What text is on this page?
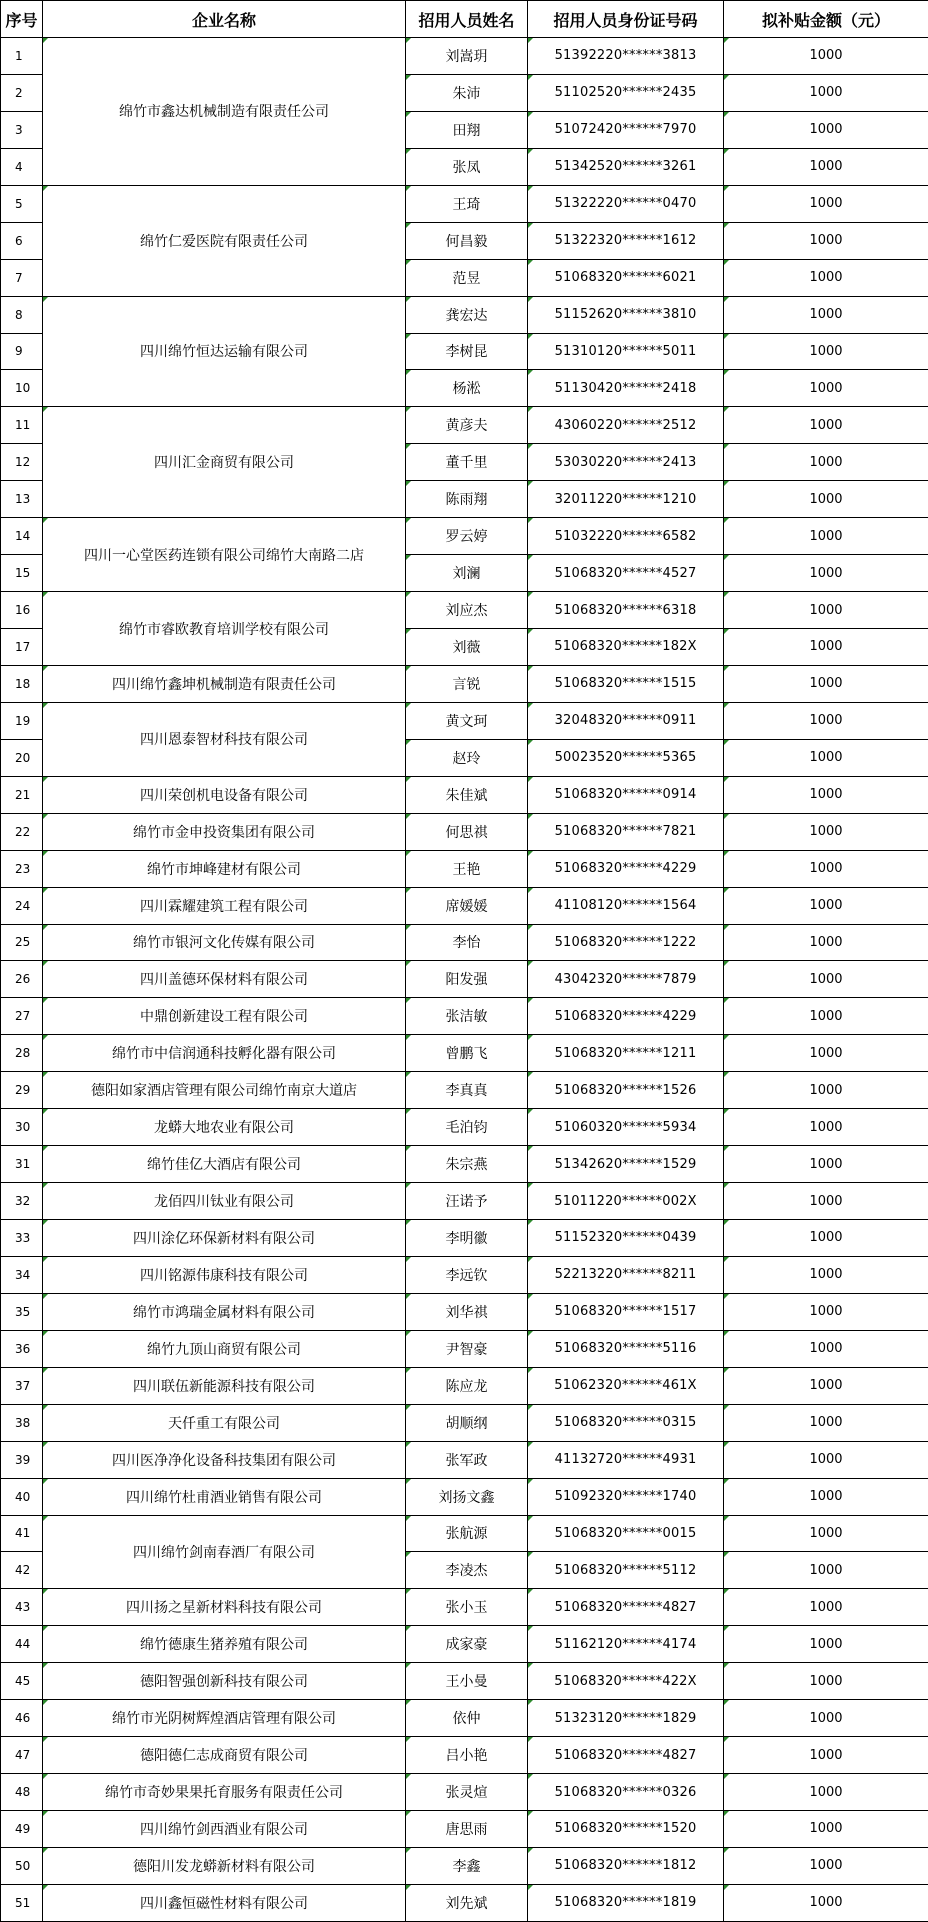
序号	企业名称	招用人员姓名	招用人员身份证号码	拟补贴金额（元）
1	绵竹市鑫达机械制造有限责任公司	刘嵩玥	51392220******3813	1000
2		朱沛	51102520******2435	1000
3		田翔	51072420******7970	1000
4		张凤	51342520******3261	1000
5	绵竹仁爱医院有限责任公司	王琦	51322220******0470	1000
6		何昌毅	51322320******1612	1000
7		范昱	51068320******6021	1000
8	四川绵竹恒达运输有限公司	龚宏达	51152620******3810	1000
9		李树昆	51310120******5011	1000
10		杨淞	51130420******2418	1000
11	四川汇金商贸有限公司	黄彦夫	43060220******2512	1000
12		董千里	53030220******2413	1000
13		陈雨翔	32011220******1210	1000
14	四川一心堂医药连锁有限公司绵竹大南路二店	罗云婷	51032220******6582	1000
15		刘澜	51068320******4527	1000
16	绵竹市睿欧教育培训学校有限公司	刘应杰	51068320******6318	1000
17		刘薇	51068320******182X	1000
18	四川绵竹鑫坤机械制造有限责任公司	言锐	51068320******1515	1000
19	四川恩泰智材科技有限公司	黄文珂	32048320******0911	1000
20		赵玲	50023520******5365	1000
21	四川荣创机电设备有限公司	朱佳斌	51068320******0914	1000
22	绵竹市金申投资集团有限公司	何思祺	51068320******7821	1000
23	绵竹市坤峰建材有限公司	王艳	51068320******4229	1000
24	四川霖耀建筑工程有限公司	席媛媛	41108120******1564	1000
25	绵竹市银河文化传媒有限公司	李怡	51068320******1222	1000
26	四川盖德环保材料有限公司	阳发强	43042320******7879	1000
27	中鼎创新建设工程有限公司	张洁敏	51068320******4229	1000
28	绵竹市中信润通科技孵化器有限公司	曾鹏飞	51068320******1211	1000
29	德阳如家酒店管理有限公司绵竹南京大道店	李真真	51068320******1526	1000
30	龙蟒大地农业有限公司	毛泊钧	51060320******5934	1000
31	绵竹佳亿大酒店有限公司	朱宗燕	51342620******1529	1000
32	龙佰四川钛业有限公司	汪诺予	51011220******002X	1000
33	四川涂亿环保新材料有限公司	李明徽	51152320******0439	1000
34	四川铭源伟康科技有限公司	李远钦	52213220******8211	1000
35	绵竹市鸿瑞金属材料有限公司	刘华祺	51068320******1517	1000
36	绵竹九顶山商贸有限公司	尹智豪	51068320******5116	1000
37	四川联伍新能源科技有限公司	陈应龙	51062320******461X	1000
38	天仟重工有限公司	胡顺纲	51068320******0315	1000
39	四川医净净化设备科技集团有限公司	张军政	41132720******4931	1000
40	四川绵竹杜甫酒业销售有限公司	刘扬文鑫	51092320******1740	1000
41	四川绵竹剑南春酒厂有限公司	张航源	51068320******0015	1000
42		李凌杰	51068320******5112	1000
43	四川扬之星新材料科技有限公司	张小玉	51068320******4827	1000
44	绵竹德康生猪养殖有限公司	成家豪	51162120******4174	1000
45	德阳智强创新科技有限公司	王小曼	51068320******422X	1000
46	绵竹市光阴树辉煌酒店管理有限公司	依仲	51323120******1829	1000
47	德阳德仁志成商贸有限公司	吕小艳	51068320******4827	1000
48	绵竹市奇妙果果托育服务有限责任公司	张灵煊	51068320******0326	1000
49	四川绵竹剑西酒业有限公司	唐思雨	51068320******1520	1000
50	德阳川发龙蟒新材料有限公司	李鑫	51068320******1812	1000
51	四川鑫恒磁性材料有限公司	刘先斌	51068320******1819	1000
